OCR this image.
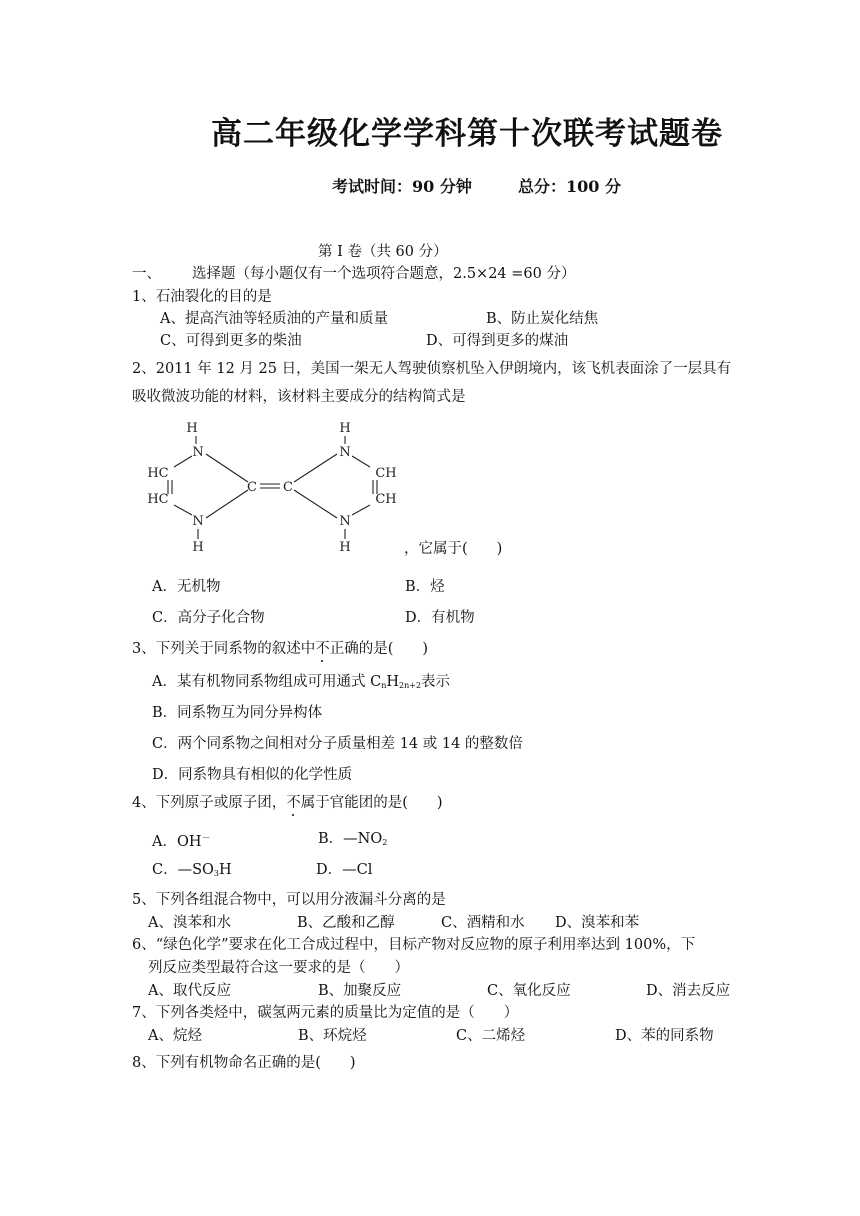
高二年级化学学科第十次联考试题卷
考试时间：90 分钟	总分：100 分
第 I 卷（共 60 分）
一、 选择题（每小题仅有一个选项符合题意，2.5×24 =60 分）
1、石油裂化的目的是
A、提高汽油等轻质油的产量和质量	B、防止炭化结焦
C、可得到更多的柴油	D、可得到更多的煤油
2、2011 年 12 月 25 日，美国一架无人驾驶侦察机坠入伊朗境内，该飞机表面涂了一层具有
吸收微波功能的材料，该材料主要成分的结构简式是
H
N
HC
HC
N
H
C C
H
N
CH
CH
N
H	，它属于(　　)
A．无机物	B．烃
C．高分子化合物	D．有机物
3、下列关于同系物的叙述中不正确的是(　　)
A．某有机物同系物组成可用通式 $C_nH_{2n+2}$表示
B．同系物互为同分异构体
C．两个同系物之间相对分子质量相差 14 或 14 的整数倍
D．同系物具有相似的化学性质
4、下列原子或原子团，不属于官能团的是(　　)
A．OH－	B．$—NO_2$
C．$—SO_3H$	D．—Cl
5、下列各组混合物中，可以用分液漏斗分离的是
A、溴苯和水	B、乙酸和乙醇	C、酒精和水 D、溴苯和苯
6、“绿色化学”要求在化工合成过程中，目标产物对反应物的原子利用率达到 100%，下
列反应类型最符合这一要求的是（　　）
A、取代反应	B、加聚反应	C、氧化反应	D、消去反应
7、下列各类烃中，碳氢两元素的质量比为定值的是（　　）
A、烷烃	B、环烷烃	C、二烯烃	D、苯的同系物
8、下列有机物命名正确的是(　　)
